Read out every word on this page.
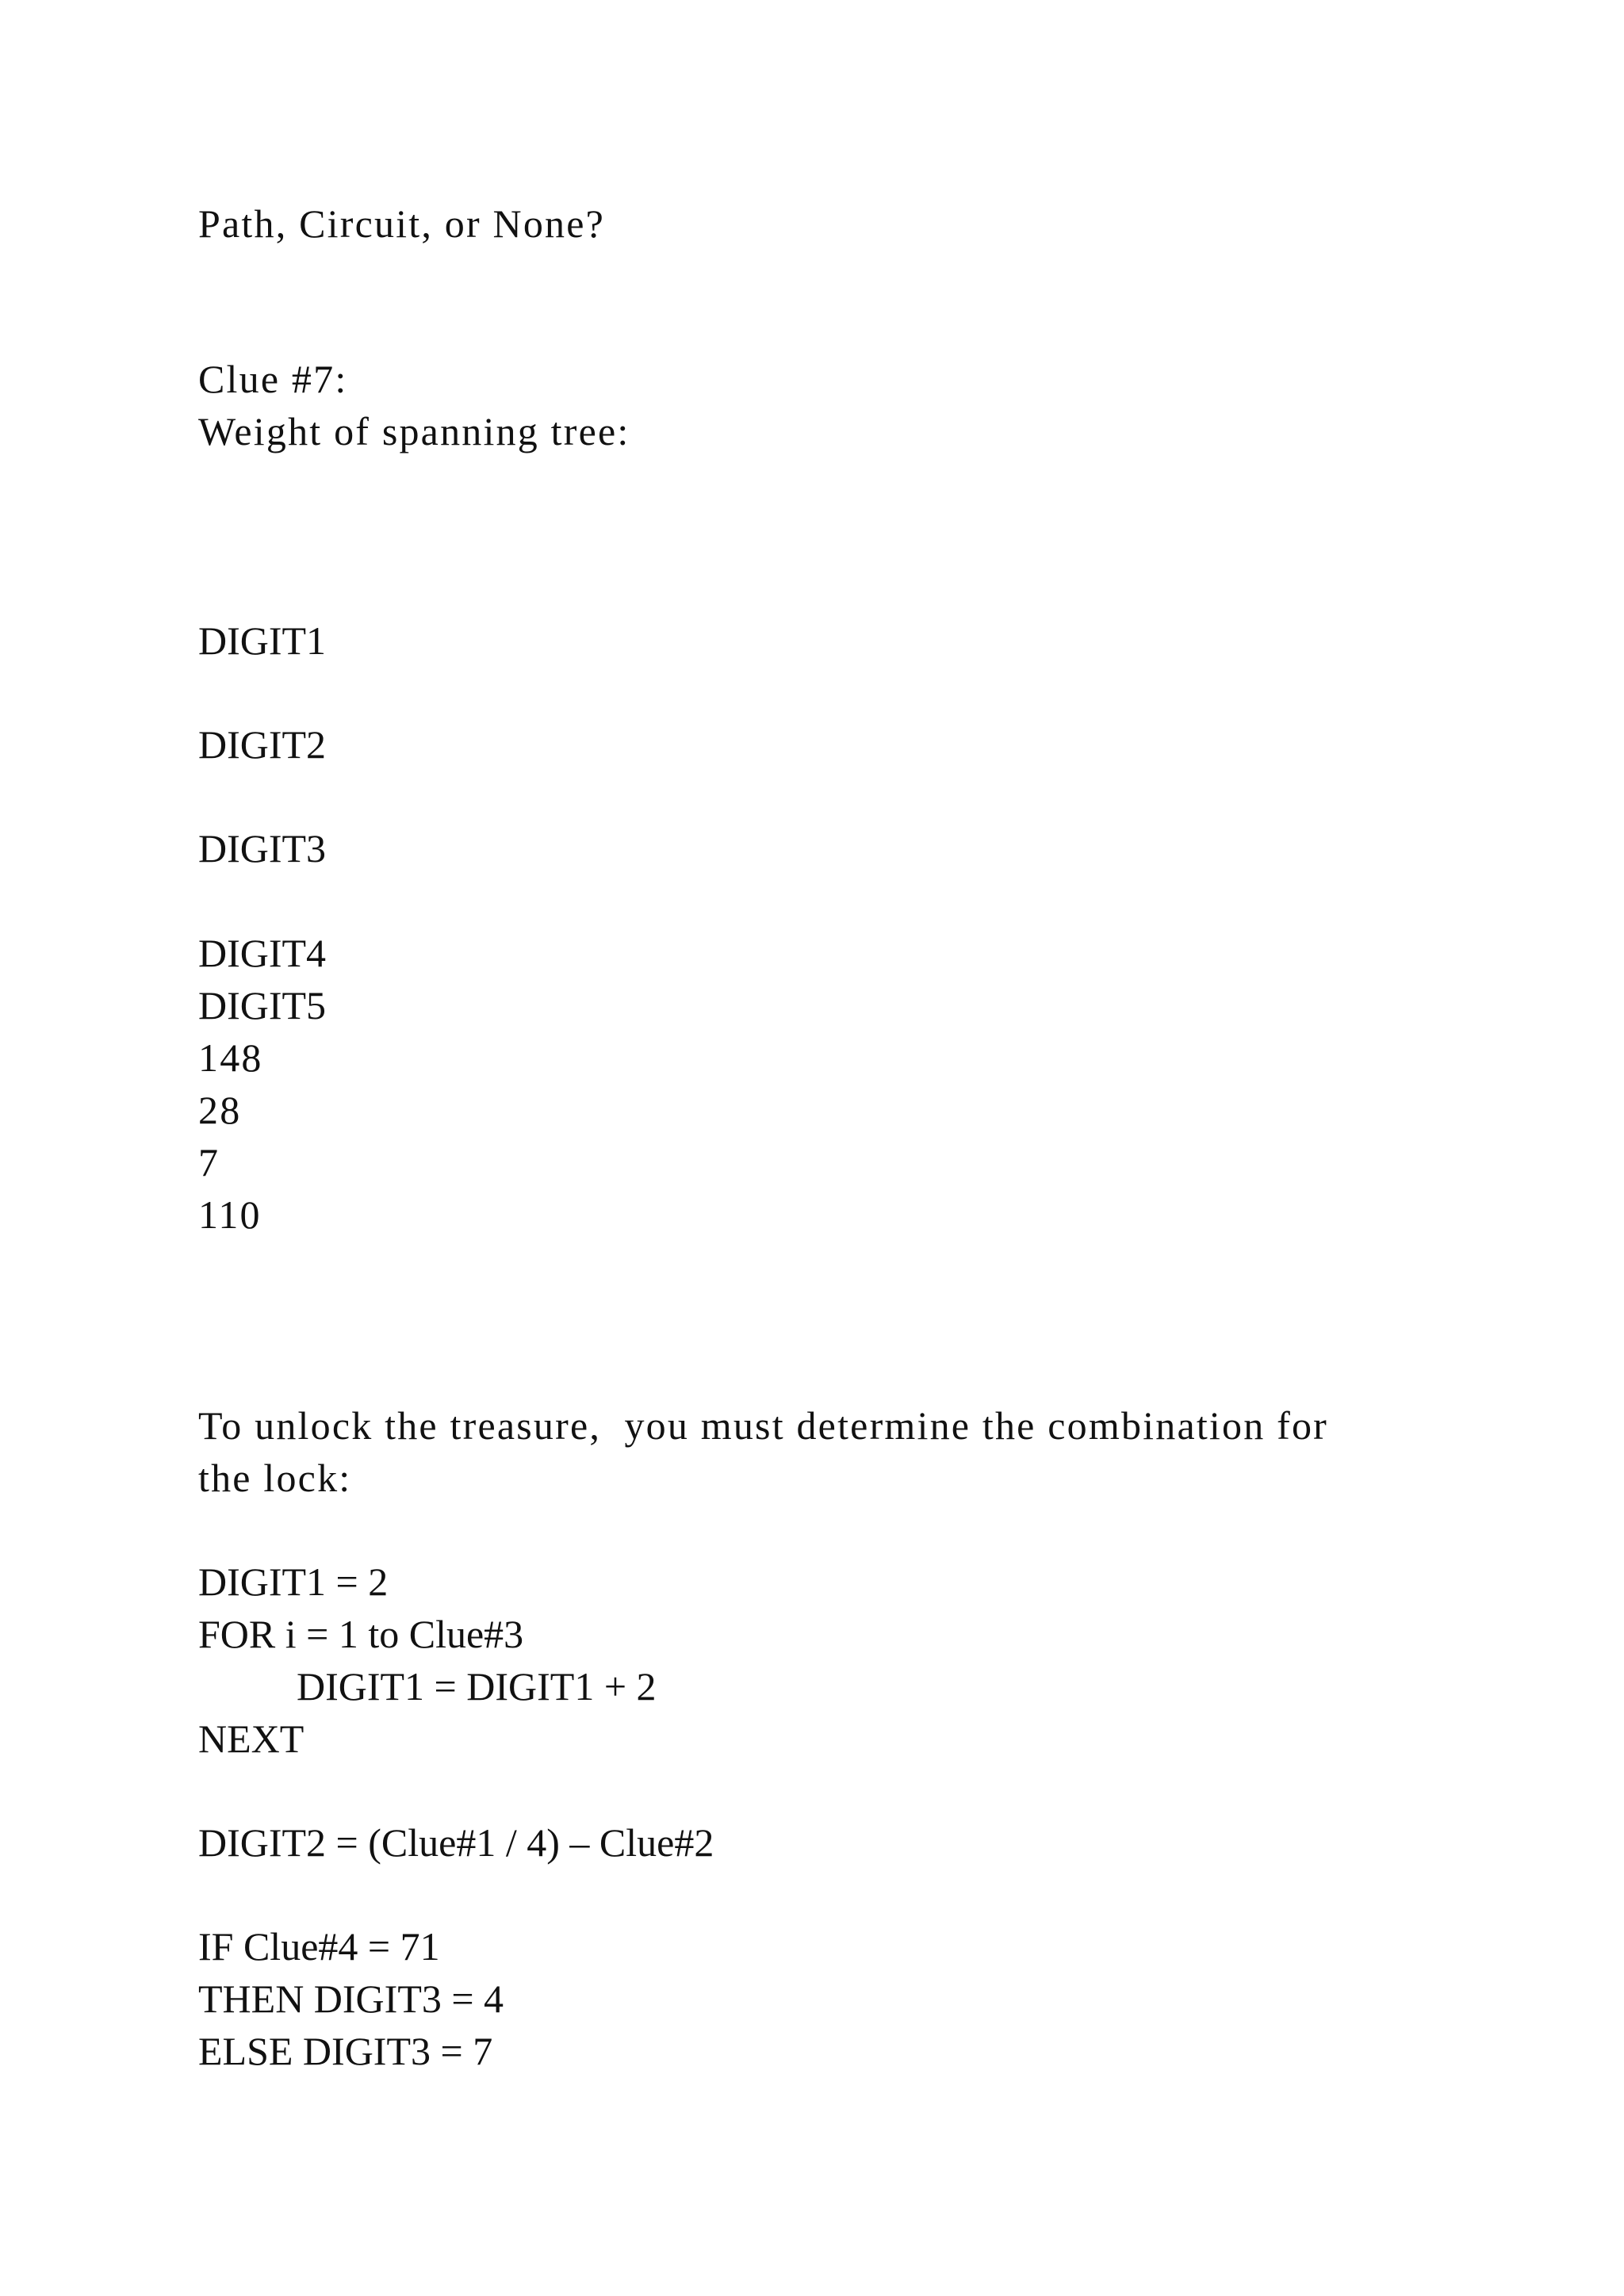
Path, Circuit, or None?

Clue #7:

Weight of spanning tree:

DIGIT1

DIGIT2

DIGIT3

DIGIT4

DIGIT5

148

28

7

110

To unlock the treasure,  you must determine the combination for

the lock:

DIGIT1 = 2

FOR i = 1 to Clue#3

DIGIT1 = DIGIT1 + 2

NEXT

DIGIT2 = (Clue#1 / 4) – Clue#2

IF Clue#4 = 71

THEN DIGIT3 = 4

ELSE DIGIT3 = 7
